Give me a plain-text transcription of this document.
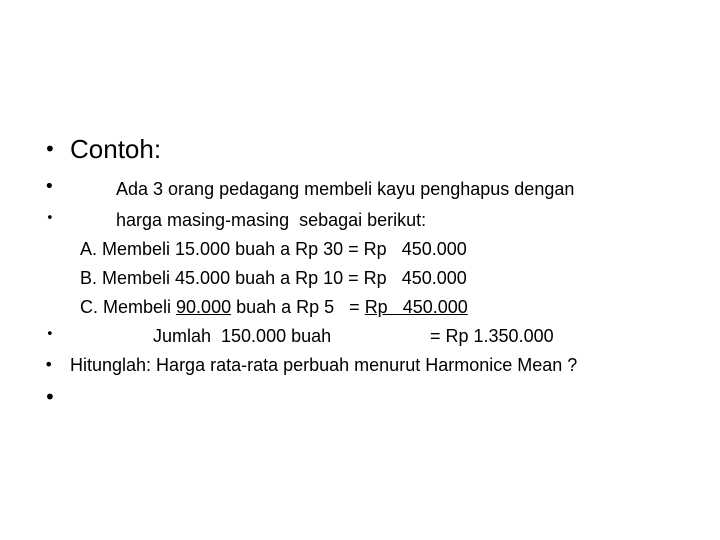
• Contoh:
•	Ada 3 orang pedagang membeli kayu penghapus dengan
•	harga masing-masing  sebagai berikut:
A. Membeli 15.000 buah a Rp 30 = Rp   450.000
B. Membeli 45.000 buah a Rp 10 = Rp   450.000
C. Membeli 90.000 buah a Rp 5   = Rp   450.000
•	Jumlah  150.000 buah	= Rp 1.350.000
• Hitunglah: Harga rata-rata perbuah menurut Harmonice Mean ?
•
